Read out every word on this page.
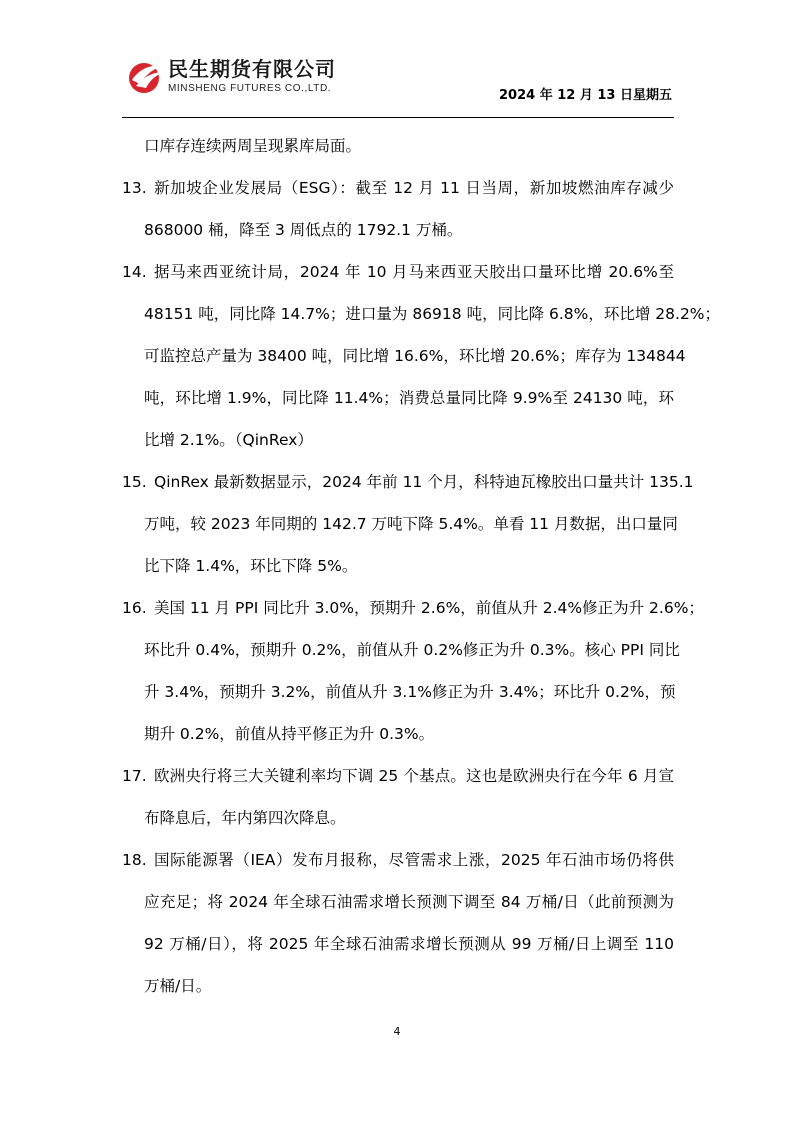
民生期货有限公司
MINSHENG FUTURES CO.,LTD.	2024 年 12 月 13 日星期五
口库存连续两周呈现累库局面。
13. 新加坡企业发展局（ESG）：截至 12 月 11 日当周，新加坡燃油库存减少
868000 桶，降至 3 周低点的 1792.1 万桶。
14. 据马来西亚统计局，2024 年 10 月马来西亚天胶出口量环比增 20.6%至
48151 吨，同比降 14.7%；进口量为 86918 吨，同比降 6.8%，环比增 28.2%；
可监控总产量为 38400 吨，同比增 16.6%，环比增 20.6%；库存为 134844
吨，环比增 1.9%，同比降 11.4%；消费总量同比降 9.9%至 24130 吨，环
比增 2.1%。（QinRex）
15. QinRex 最新数据显示，2024 年前 11 个月，科特迪瓦橡胶出口量共计 135.1
万吨，较 2023 年同期的 142.7 万吨下降 5.4%。单看 11 月数据，出口量同
比下降 1.4%，环比下降 5%。
16. 美国 11 月 PPI 同比升 3.0%，预期升 2.6%，前值从升 2.4%修正为升 2.6%；
环比升 0.4%，预期升 0.2%，前值从升 0.2%修正为升 0.3%。核心 PPI 同比
升 3.4%，预期升 3.2%，前值从升 3.1%修正为升 3.4%；环比升 0.2%，预
期升 0.2%，前值从持平修正为升 0.3%。
17. 欧洲央行将三大关键利率均下调 25 个基点。这也是欧洲央行在今年 6 月宣
布降息后，年内第四次降息。
18. 国际能源署（IEA）发布月报称，尽管需求上涨，2025 年石油市场仍将供
应充足；将 2024 年全球石油需求增长预测下调至 84 万桶/日（此前预测为
92 万桶/日），将 2025 年全球石油需求增长预测从 99 万桶/日上调至 110
万桶/日。
4
